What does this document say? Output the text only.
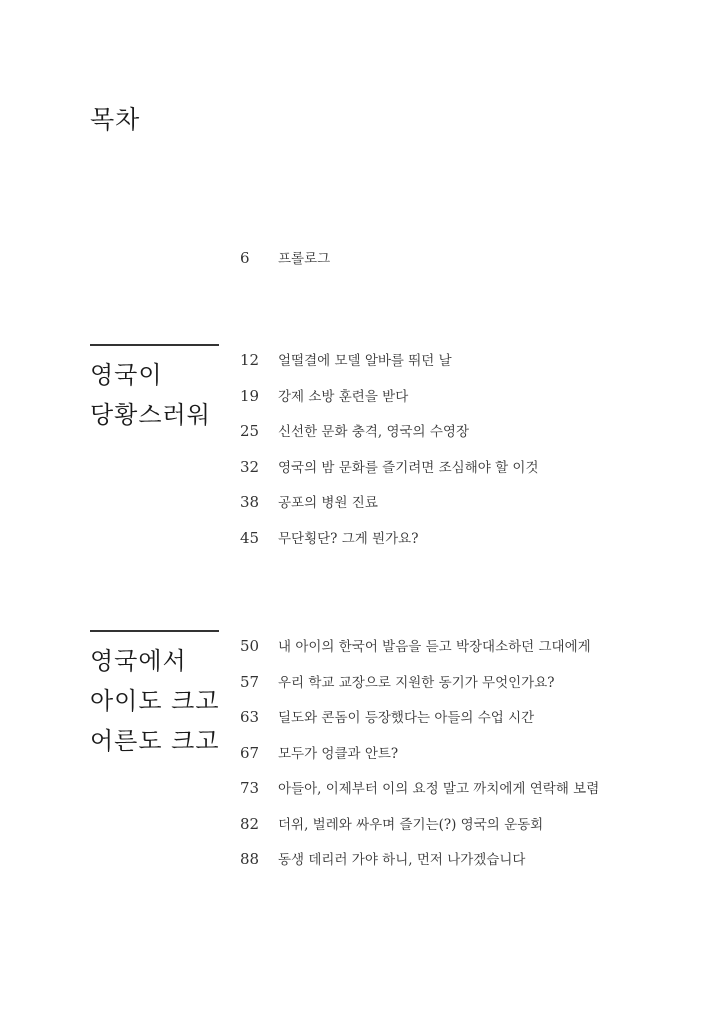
목차
6	프롤로그
영국이
당황스러워
12	얼떨결에 모델 알바를 뛰던 날
19	강제 소방 훈련을 받다
25	신선한 문화 충격, 영국의 수영장
32	영국의 밤 문화를 즐기려면 조심해야 할 이것
38	공포의 병원 진료
45	무단횡단? 그게 뭔가요?
영국에서
아이도 크고
어른도 크고
50	내 아이의 한국어 발음을 듣고 박장대소하던 그대에게
57	우리 학교 교장으로 지원한 동기가 무엇인가요?
63	딜도와 콘돔이 등장했다는 아들의 수업 시간
67	모두가 엉클과 안트?
73	아들아, 이제부터 이의 요정 말고 까치에게 연락해 보렴
82	더위, 벌레와 싸우며 즐기는(?) 영국의 운동회
88	동생 데리러 가야 하니, 먼저 나가겠습니다
